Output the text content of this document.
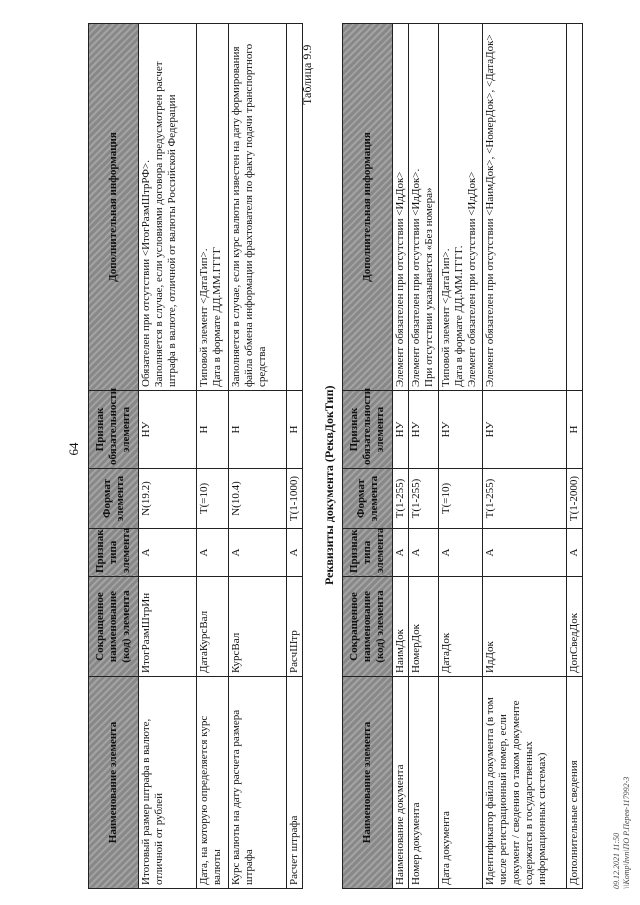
64
Наименование элемента	Сокращенное наименование (код) элемента	Признак типа элемента	Формат элемента	Признак обязательности элемента	Дополнительная информация
Итоговый размер штрафа в валюте, отличной от рублей	ИтогРазмШтрИн	А	N(19.2)	НУ	Обязателен при отсутствии <ИтогРазмШтрРФ>. Заполняется в случае, если условиями договора предусмотрен расчет штрафа в валюте, отличной от валюты Российской Федерации

Дата, на которую определяется курс валюты	ДатаКурсВал	А	T(=10)	Н	Типовой элемент <ДатаТип>. Дата в формате ДД.ММ.ГГГГ

Курс валюты на дату расчета размера штрафа	КурсВал	А	N(10.4)	Н	Заполняется в случае, если курс валюты известен на дату формирования файла обмена информации фрахтователя по факту подачи транспортного средства

Расчет штрафа	РасчШтр	А	T(1-1000)	Н	
Таблица 9.9
Реквизиты документа (РеквДокТип)
Наименование элемента	Сокращенное наименование (код) элемента	Признак типа элемента	Формат элемента	Признак обязательности элемента	Дополнительная информация
Наименование документа	НаимДок	А	T(1-255)	НУ	Элемент обязателен при отсутствии <ИдДок>

Номер документа	НомерДок	А	T(1-255)	НУ	Элемент обязателен при отсутствии <ИдДок>. При отсутствии указывается «Без номера»

Дата документа	ДатаДок	А	T(=10)	НУ	Типовой элемент <ДатаТип>. Дата в формате ДД.ММ.ГГГГ. Элемент обязателен при отсутствии <ИдДок>

Идентификатор файла документа (в том числе регистрационный номер, если документ / сведения о таком документе содержатся в государственных информационных системах)	ИдДок	А	T(1-255)	НУ	Элемент обязателен при отсутствии <НаимДок>, <НомерДок>, <ДатаДок>

Дополнительные сведения	ДопСведДок	А	T(1-2000)	Н	
09.12.2021 11:50 \\Komp\hvn\ПО Р.Перев-117992-3
